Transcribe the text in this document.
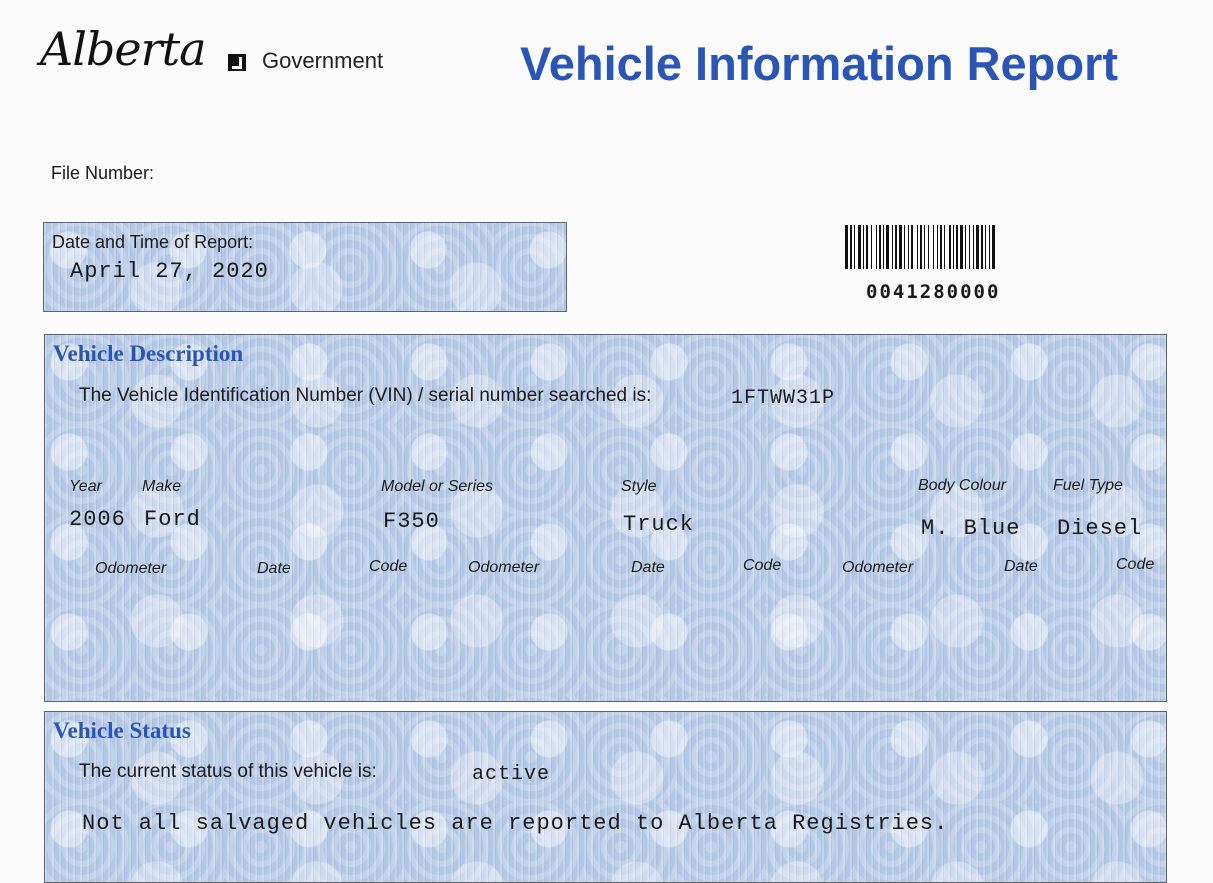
Alberta	Government	Vehicle Information Report
File Number:
Date and Time of Report:
April 27, 2020
0041280000
Vehicle Description
The Vehicle Identification Number (VIN) / serial number searched is:	1FTWW31P
Year	Make	Model or Series	Style	Body Colour	Fuel Type
2006 Ford	F350	Truck	M. Blue Diesel
Odometer	Date	Code	Odometer	Date	Code	Odometer	Date	Code
Vehicle Status
The current status of this vehicle is:	active
Not all salvaged vehicles are reported to Alberta Registries.
